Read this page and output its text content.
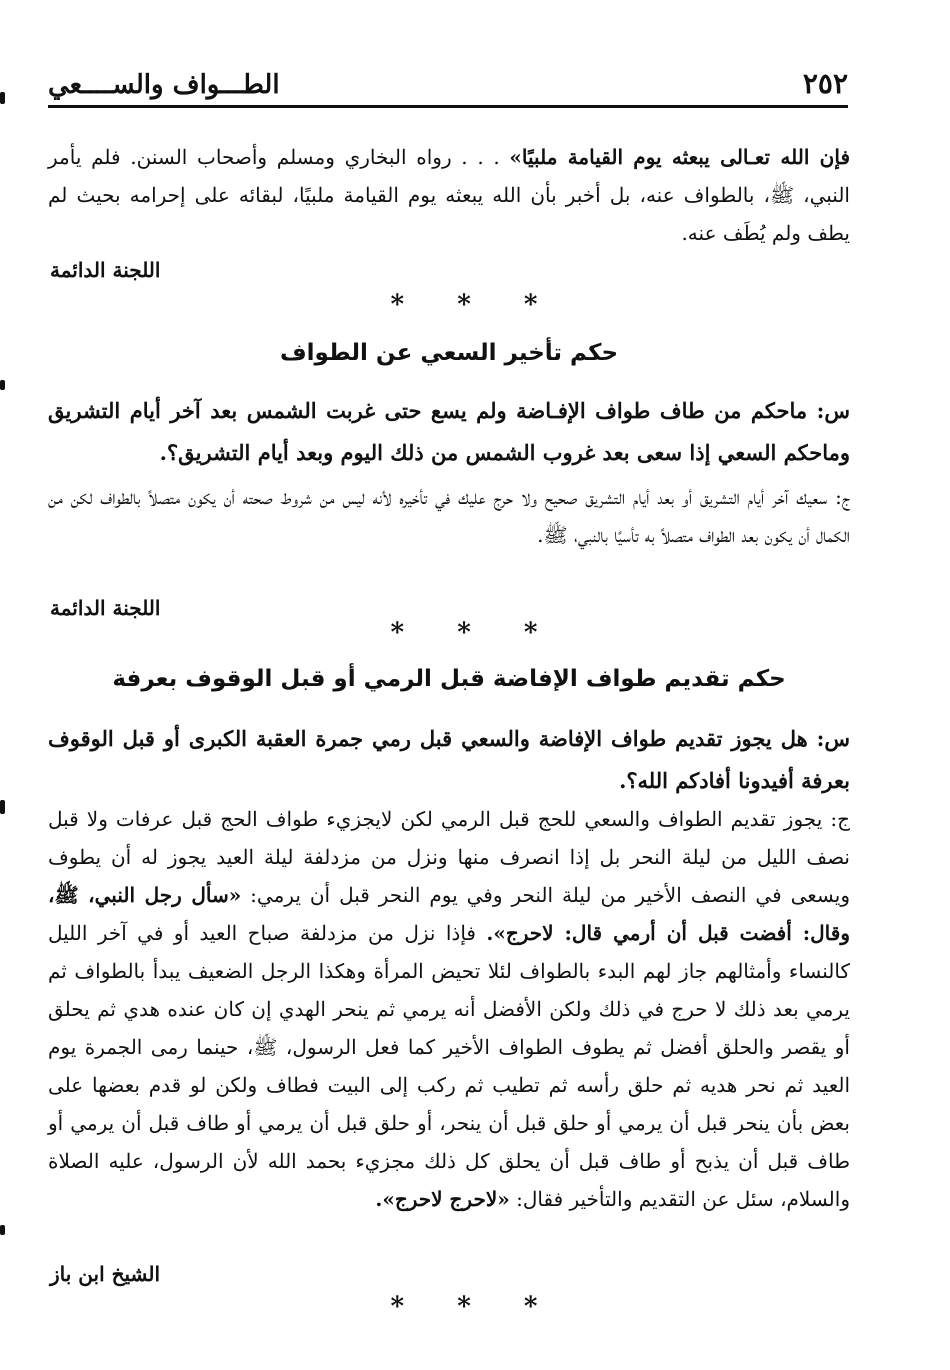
٢٥٢
الطـــواف والســــعي
فإن الله تعـالى يبعثه يوم القيامة ملبيًا» . . . رواه البخاري ومسلم وأصحاب السنن. فلم يأمر النبي، ﷺ، بالطواف عنه، بل أخبر بأن الله يبعثه يوم القيامة ملبيًا، لبقائه على إحرامه بحيث لم يطف ولم يُطَف عنه.
اللجنة الدائمة
* * *
حكم تأخير السعي عن الطواف
س: ماحكم من طاف طواف الإفـاضة ولم يسع حتى غربت الشمس بعد آخر أيام التشريق وماحكم السعي إذا سعى بعد غروب الشمس من ذلك اليوم وبعد أيام التشريق؟.
ج: سعيك آخر أيام التشريق أو بعد أيام التشريق صحيح ولا حرج عليك في تأخيره لأنه ليس من شروط صحته أن يكون متصلاً بالطواف لكن من الكمال أن يكون بعد الطواف متصلاً به تأسيًا بالنبي، ﷺ.
اللجنة الدائمة
* * *
حكم تقديم طواف الإفاضة قبل الرمي أو قبل الوقوف بعرفة
س: هل يجوز تقديم طواف الإفاضة والسعي قبل رمي جمرة العقبة الكبرى أو قبل الوقوف بعرفة أفيدونا أفادكم الله؟.
ج: يجوز تقديم الطواف والسعي للحج قبل الرمي لكن لايجزيء طواف الحج قبل عرفات ولا قبل نصف الليل من ليلة النحر بل إذا انصرف منها ونزل من مزدلفة ليلة العيد يجوز له أن يطوف ويسعى في النصف الأخير من ليلة النحر وفي يوم النحر قبل أن يرمي: «سأل رجل النبي، ﷺ، وقال: أفضت قبل أن أرمي قال: لاحرج». فإذا نزل من مزدلفة صباح العيد أو في آخر الليل كالنساء وأمثالهم جاز لهم البدء بالطواف لئلا تحيض المرأة وهكذا الرجل الضعيف يبدأ بالطواف ثم يرمي بعد ذلك لا حرج في ذلك ولكن الأفضل أنه يرمي ثم ينحر الهدي إن كان عنده هدي ثم يحلق أو يقصر والحلق أفضل ثم يطوف الطواف الأخير كما فعل الرسول، ﷺ، حينما رمى الجمرة يوم العيد ثم نحر هديه ثم حلق رأسه ثم تطيب ثم ركب إلى البيت فطاف ولكن لو قدم بعضها على بعض بأن ينحر قبل أن يرمي أو حلق قبل أن ينحر، أو حلق قبل أن يرمي أو طاف قبل أن يرمي أو طاف قبل أن يذبح أو طاف قبل أن يحلق كل ذلك مجزيء بحمد الله لأن الرسول، عليه الصلاة والسلام، سئل عن التقديم والتأخير فقال: «لاحرج لاحرج».
الشيخ ابن باز
* * *
